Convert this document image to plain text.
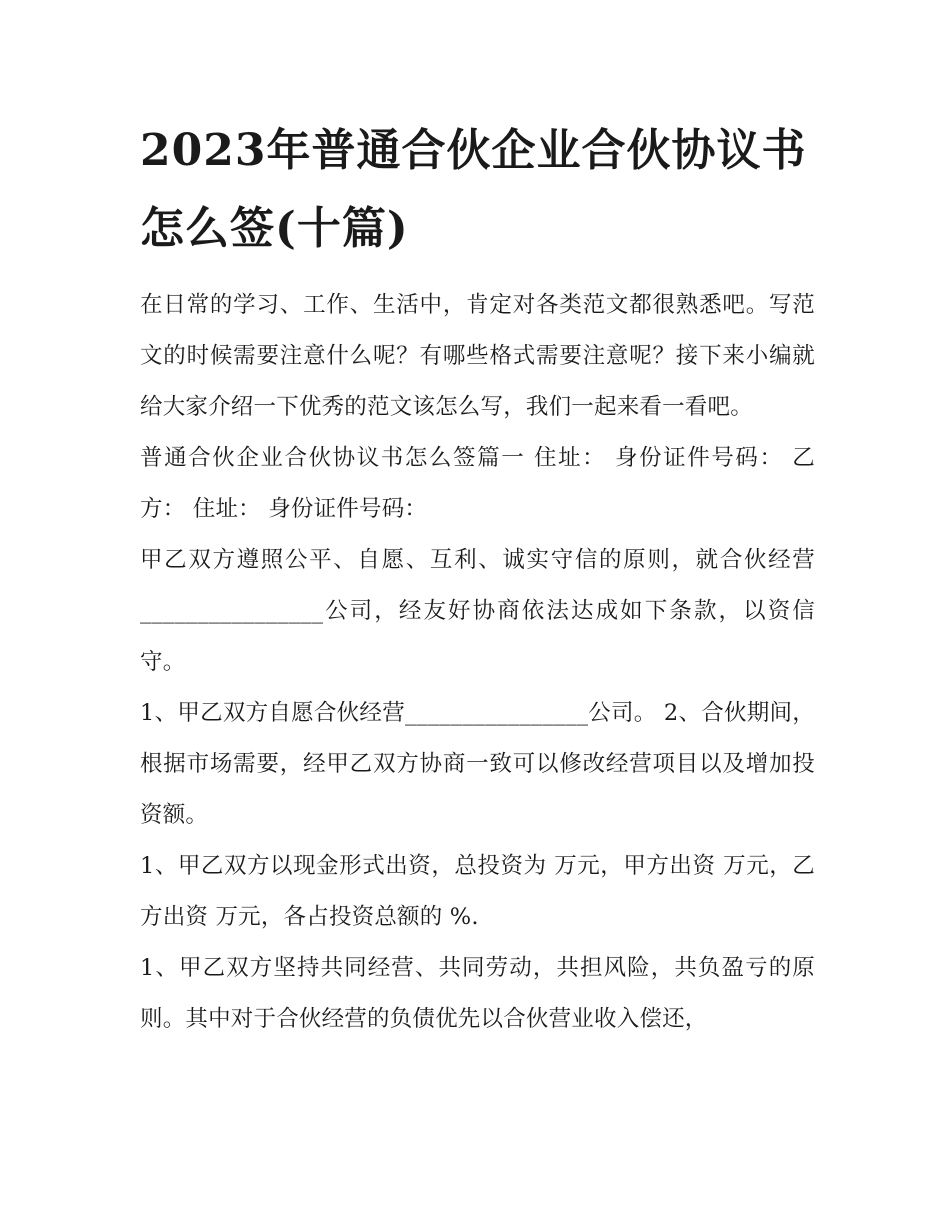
2023年普通合伙企业合伙协议书怎么签(十篇)

在日常的学习、工作、生活中，肯定对各类范文都很熟悉吧。写范文的时候需要注意什么呢？有哪些格式需要注意呢？接下来小编就给大家介绍一下优秀的范文该怎么写，我们一起来看一看吧。

普通合伙企业合伙协议书怎么签篇一 住址： 身份证件号码： 乙方： 住址： 身份证件号码：

甲乙双方遵照公平、自愿、互利、诚实守信的原则，就合伙经营________________公司，经友好协商依法达成如下条款，以资信守。

1、甲乙双方自愿合伙经营________________公司。 2、合伙期间，根据市场需要，经甲乙双方协商一致可以修改经营项目以及增加投资额。

1、甲乙双方以现金形式出资，总投资为 万元，甲方出资 万元，乙方出资 万元，各占投资总额的 %.

1、甲乙双方坚持共同经营、共同劳动，共担风险，共负盈亏的原则。其中对于合伙经营的负债优先以合伙营业收入偿还，
